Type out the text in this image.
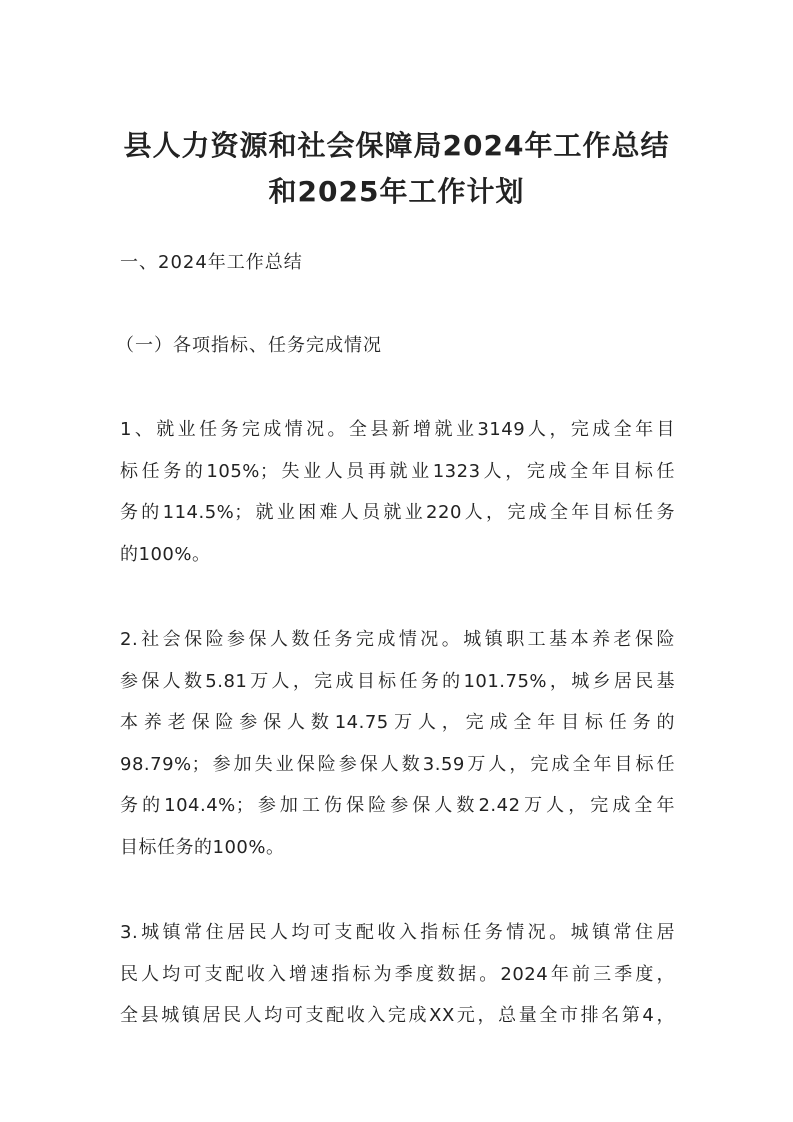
县人力资源和社会保障局2024年工作总结
和2025年工作计划

一、2024年工作总结

（一）各项指标、任务完成情况

1、就业任务完成情况。全县新增就业3149人，完成全年目
标任务的105%；失业人员再就业1323人，完成全年目标任
务的114.5%；就业困难人员就业220人，完成全年目标任务
的100%。

2.社会保险参保人数任务完成情况。城镇职工基本养老保险
参保人数5.81万人，完成目标任务的101.75%，城乡居民基
本养老保险参保人数14.75万人，完成全年目标任务的
98.79%；参加失业保险参保人数3.59万人，完成全年目标任
务的104.4%；参加工伤保险参保人数2.42万人，完成全年
目标任务的100%。

3.城镇常住居民人均可支配收入指标任务情况。城镇常住居
民人均可支配收入增速指标为季度数据。2024年前三季度，
全县城镇居民人均可支配收入完成XX元，总量全市排名第4，
